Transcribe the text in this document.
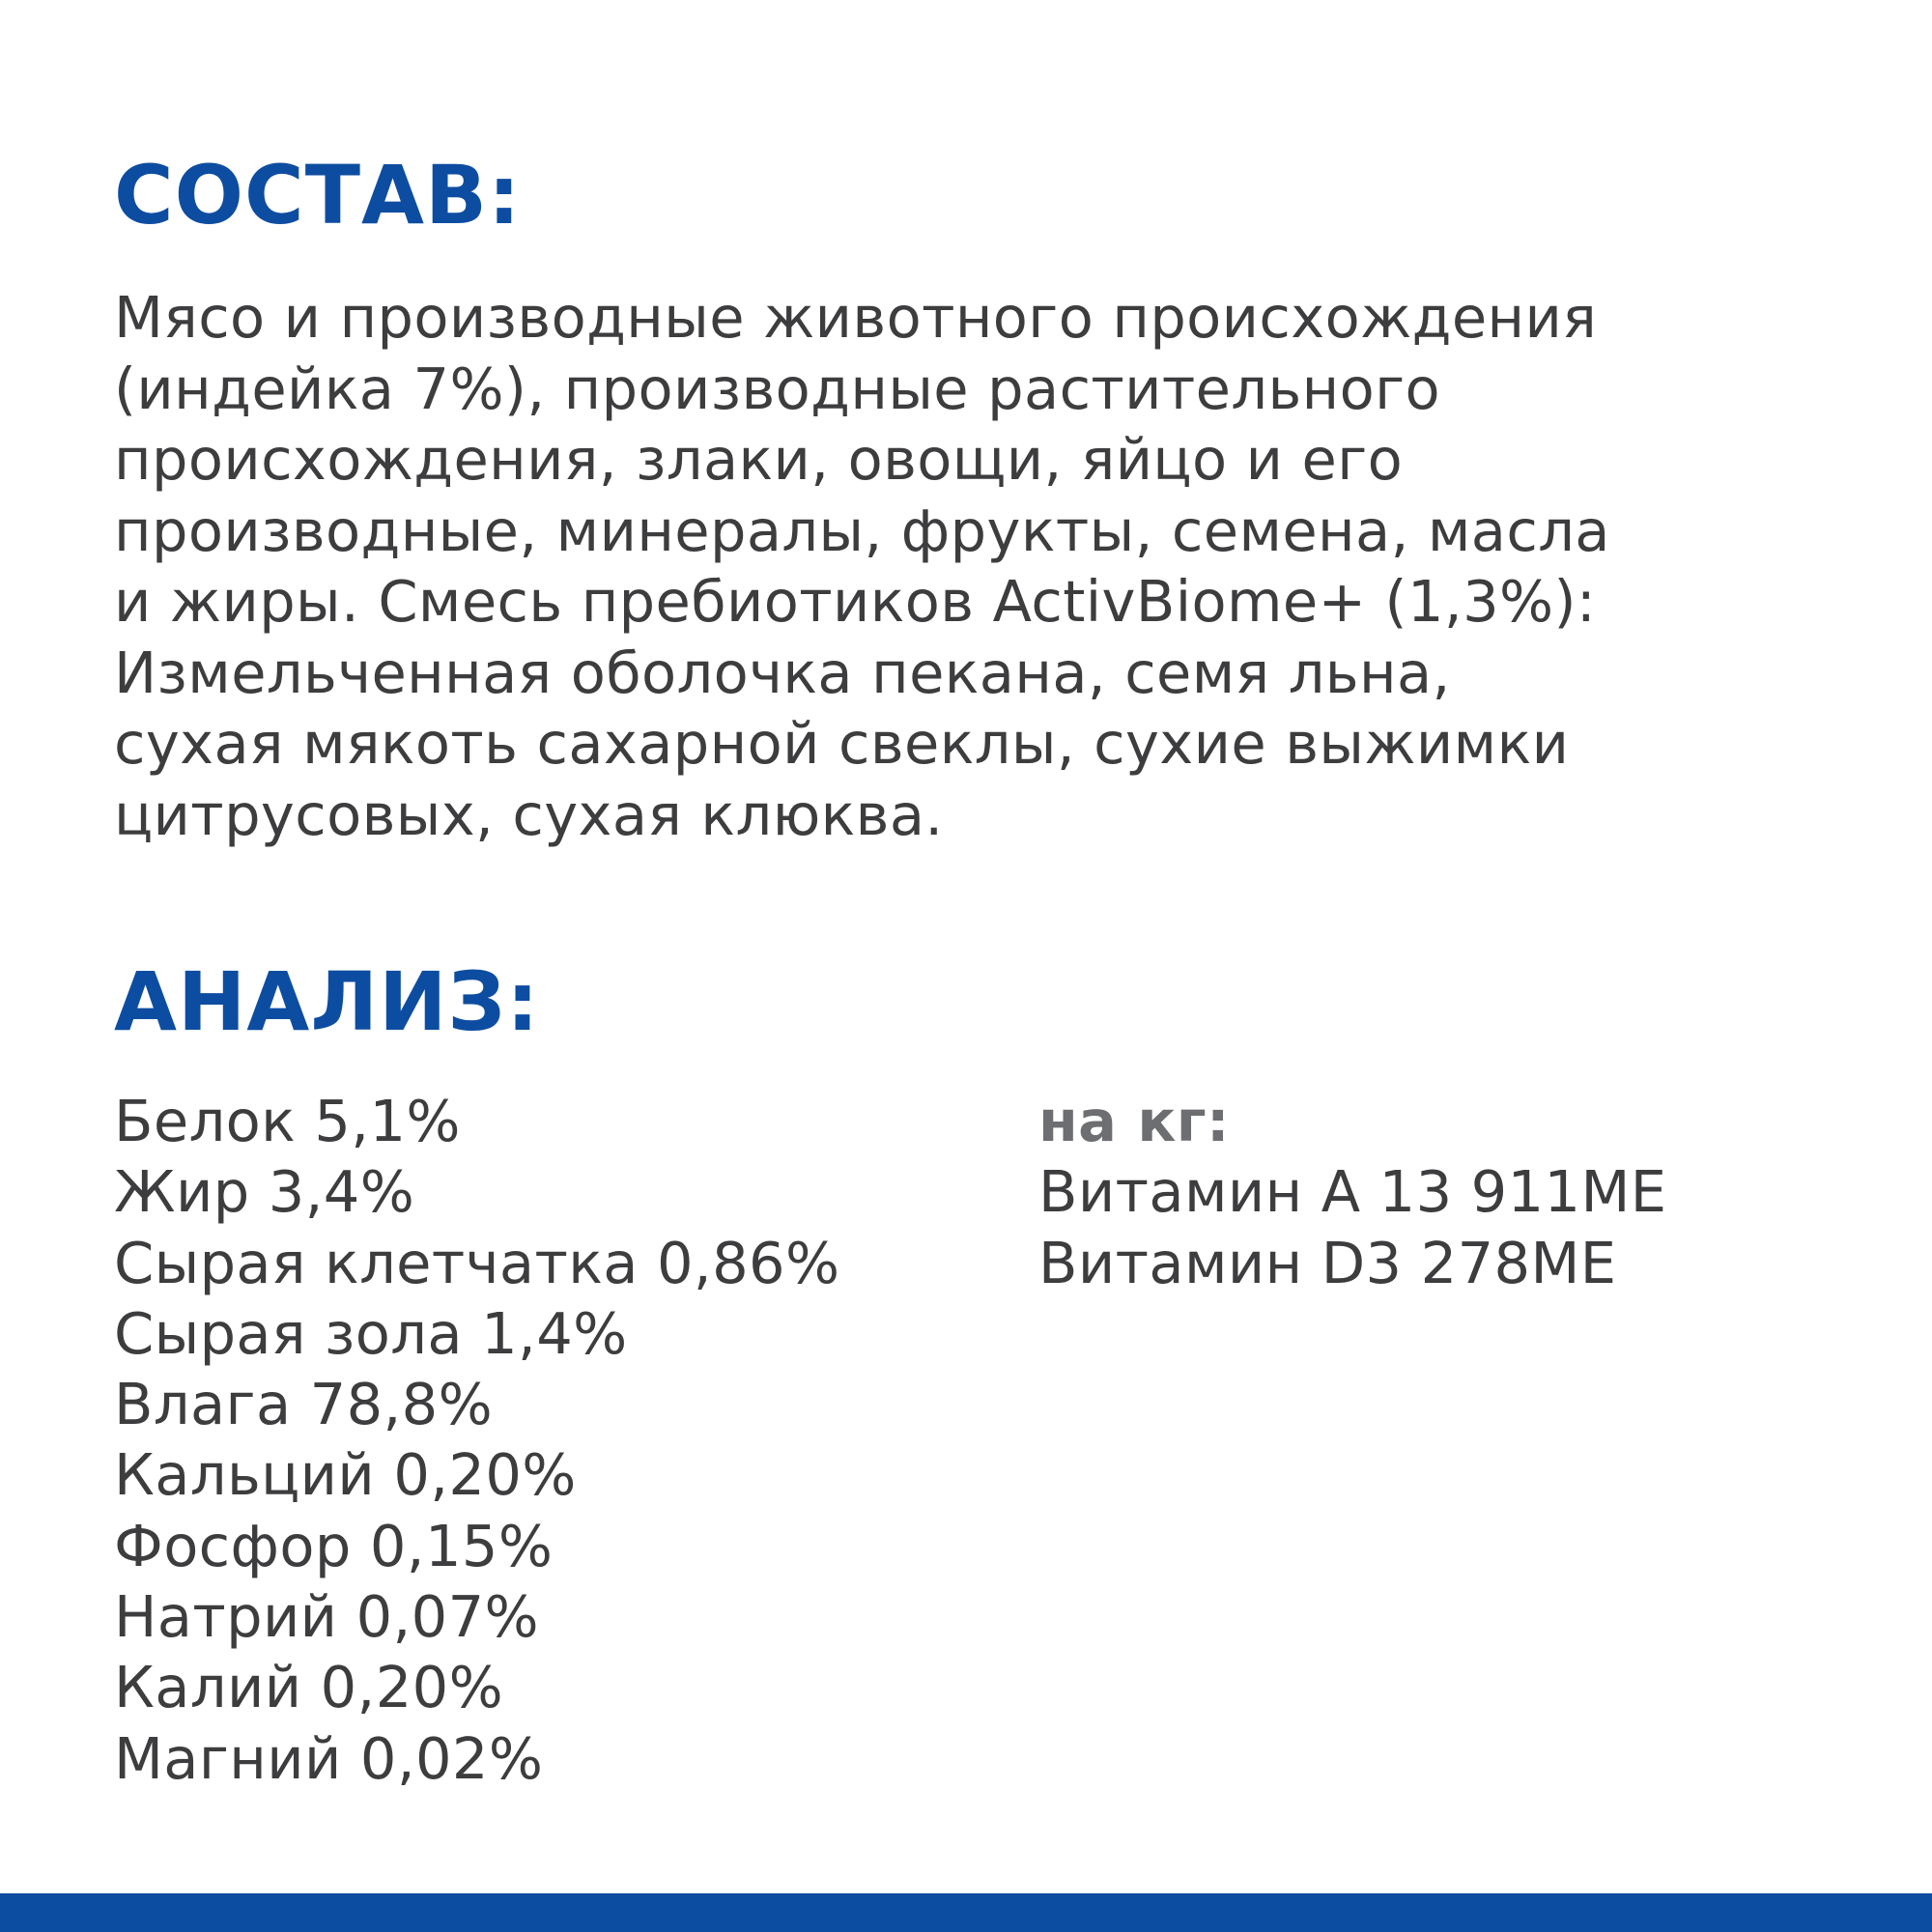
СОСТАВ:

Мясо и производные животного происхождения
(индейка 7%), производные растительного
происхождения, злаки, овощи, яйцо и его
производные, минералы, фрукты, семена, масла
и жиры. Смесь пребиотиков ActivBiome+ (1,3%):
Измельченная оболочка пекана, семя льна,
сухая мякоть сахарной свеклы, сухие выжимки
цитрусовых, сухая клюква.

АНАЛИЗ:
Белок 5,1%
Жир 3,4%
Сырая клетчатка 0,86%
Сырая зола 1,4%
Влага 78,8%
Кальций 0,20%
Фосфор 0,15%
Натрий 0,07%
Калий 0,20%
Магний 0,02%
на кг:
Витамин A 13 911МЕ
Витамин D3 278МЕ
